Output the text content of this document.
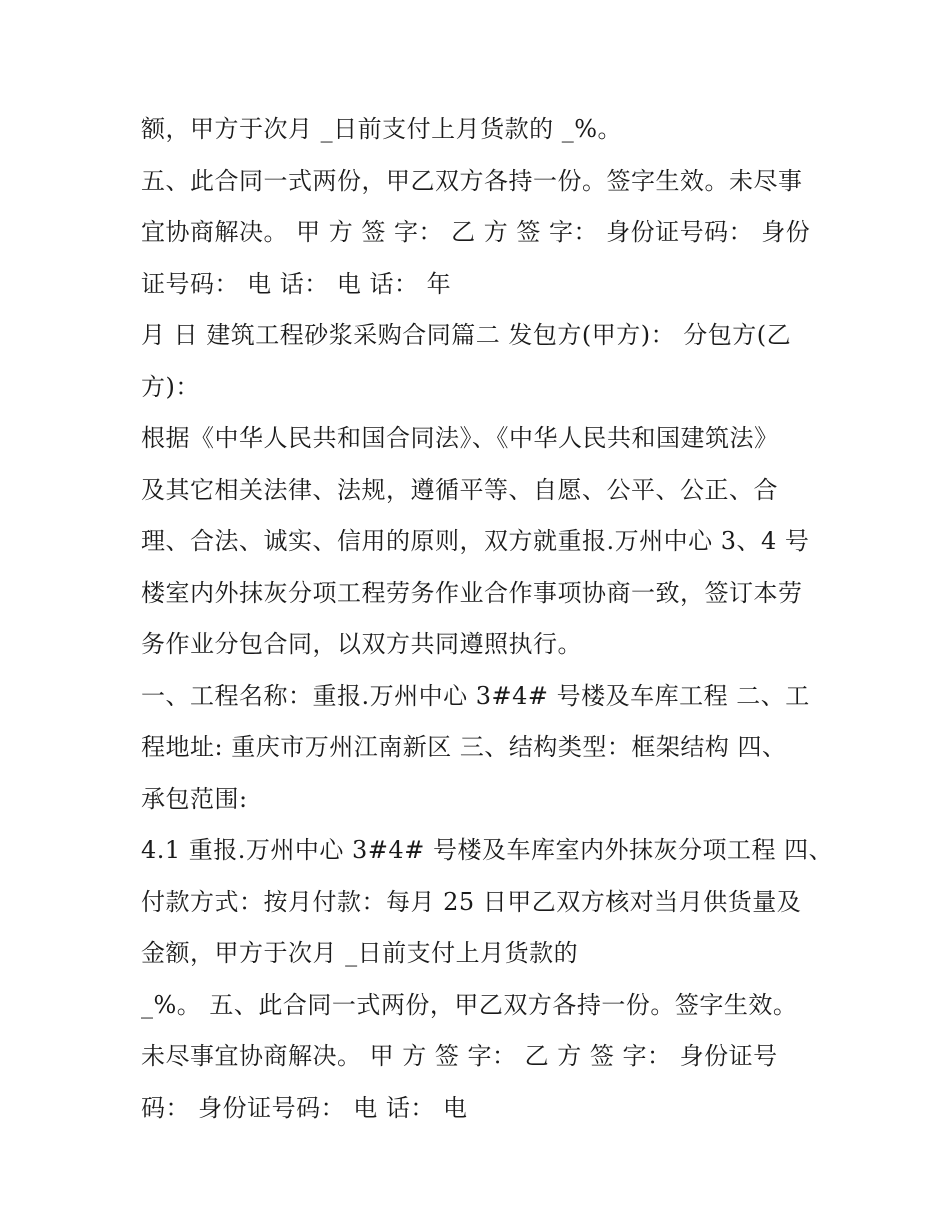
额，甲方于次月 _日前支付上月货款的 _%。
五、此合同一式两份，甲乙双方各持一份。签字生效。未尽事
宜协商解决。 甲 方 签 字： 乙 方 签 字： 身份证号码： 身份
证号码： 电 话： 电 话： 年
月 日 建筑工程砂浆采购合同篇二 发包方(甲方)： 分包方(乙
方)：
根据《中华人民共和国合同法》、《中华人民共和国建筑法》
及其它相关法律、法规，遵循平等、自愿、公平、公正、合
理、合法、诚实、信用的原则，双方就重报.万州中心 3、4 号
楼室内外抹灰分项工程劳务作业合作事项协商一致，签订本劳
务作业分包合同，以双方共同遵照执行。
一、工程名称：重报.万州中心 3#4# 号楼及车库工程 二、工
程地址: 重庆市万州江南新区 三、结构类型：框架结构 四、
承包范围:
4.1 重报.万州中心 3#4# 号楼及车库室内外抹灰分项工程 四、
付款方式：按月付款：每月 25 日甲乙双方核对当月供货量及
金额，甲方于次月 _日前支付上月货款的
_%。 五、此合同一式两份，甲乙双方各持一份。签字生效。
未尽事宜协商解决。 甲 方 签 字： 乙 方 签 字： 身份证号
码： 身份证号码： 电 话： 电
